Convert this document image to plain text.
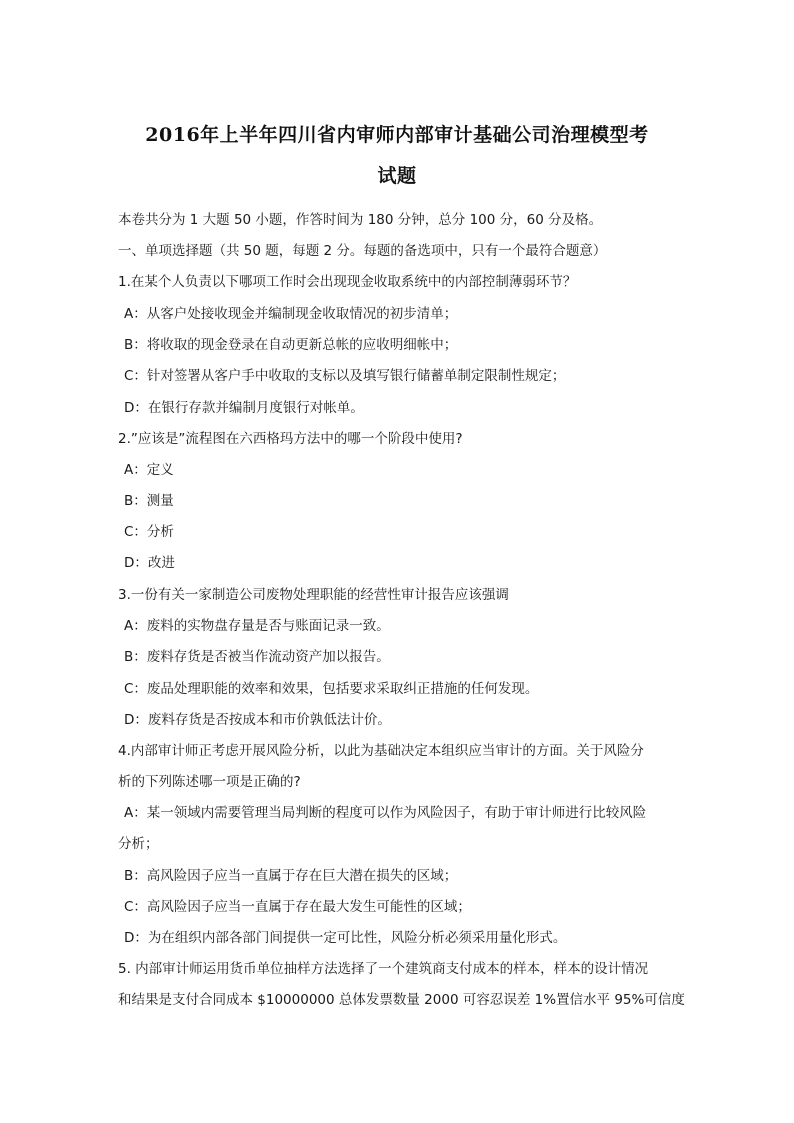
2016年上半年四川省内审师内部审计基础公司治理模型考
试题
本卷共分为 1 大题 50 小题，作答时间为 180 分钟，总分 100 分，60 分及格。
一、单项选择题（共 50 题，每题 2 分。每题的备选项中，只有一个最符合题意）
1.在某个人负责以下哪项工作时会出现现金收取系统中的内部控制薄弱环节？
A：从客户处接收现金并编制现金收取情况的初步清单；
B：将收取的现金登录在自动更新总帐的应收明细帐中；
C：针对签署从客户手中收取的支标以及填写银行储蓄单制定限制性规定；
D：在银行存款并编制月度银行对帐单。
2.”应该是”流程图在六西格玛方法中的哪一个阶段中使用?
A：定义
B：测量
C：分析
D：改进
3.一份有关一家制造公司废物处理职能的经营性审计报告应该强调
A：废料的实物盘存量是否与账面记录一致。
B：废料存货是否被当作流动资产加以报告。
C：废品处理职能的效率和效果，包括要求采取纠正措施的任何发现。
D：废料存货是否按成本和市价孰低法计价。
4.内部审计师正考虑开展风险分析，以此为基础决定本组织应当审计的方面。关于风险分
析的下列陈述哪一项是正确的?
A：某一领域内需要管理当局判断的程度可以作为风险因子，有助于审计师进行比较风险
分析；
B：高风险因子应当一直属于存在巨大潜在损失的区域；
C：高风险因子应当一直属于存在最大发生可能性的区域；
D：为在组织内部各部门间提供一定可比性，风险分析必须采用量化形式。
5. 内部审计师运用货币单位抽样方法选择了一个建筑商支付成本的样本，样本的设计情况
和结果是支付合同成本 $10000000 总体发票数量 2000 可容忍误差 1%置信水平 95%可信度
